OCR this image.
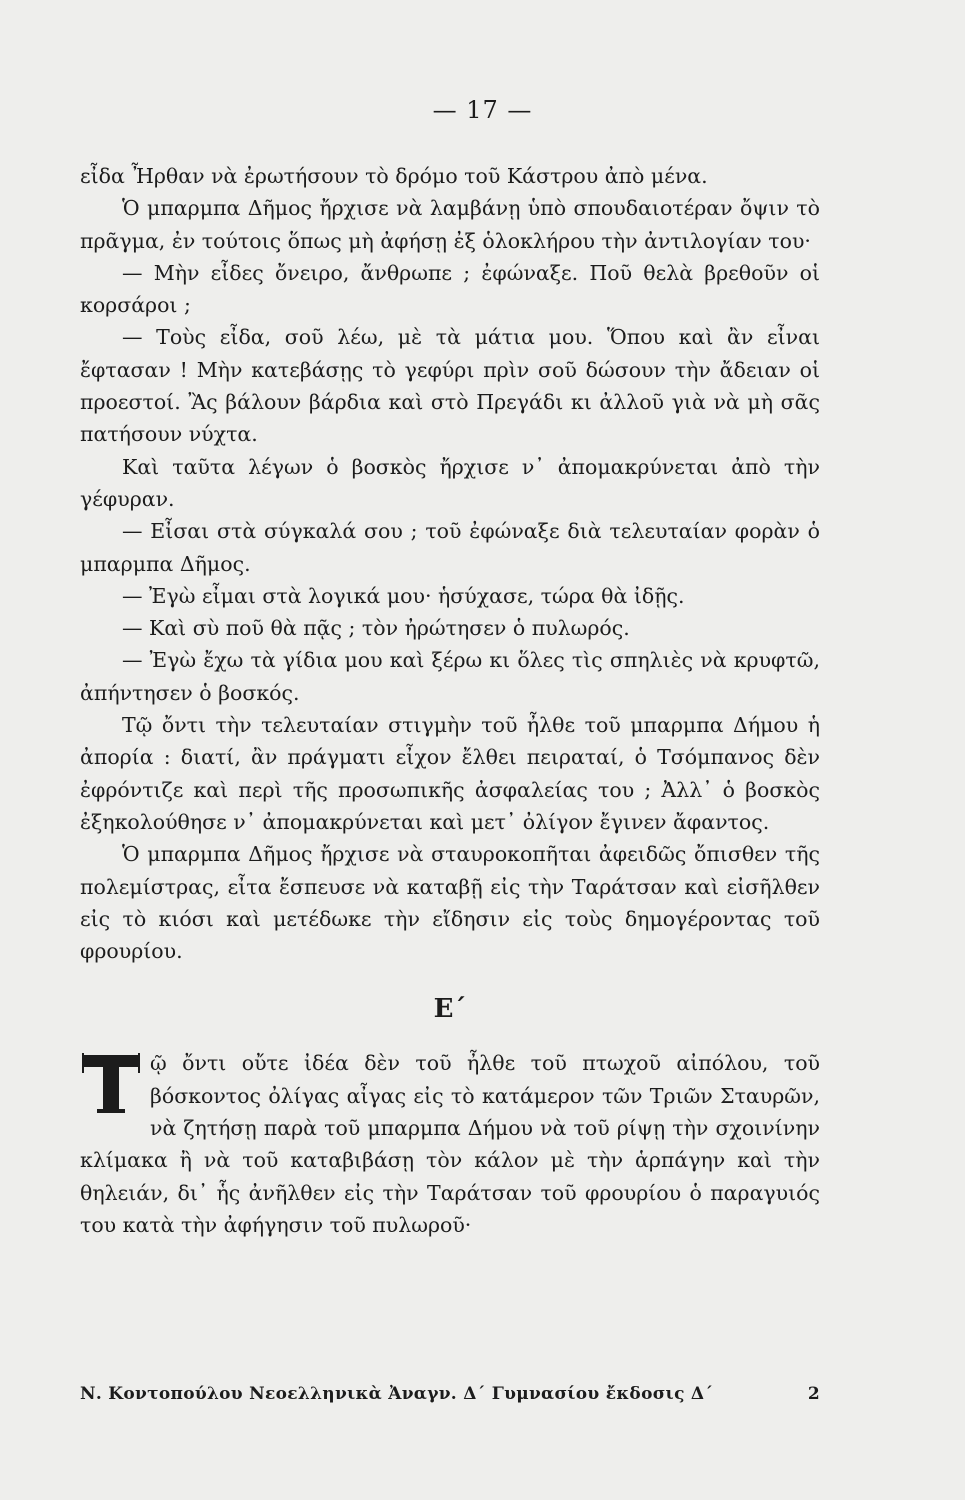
— 17 —

εἶδα Ἦρθαν νὰ ἐρωτήσουν τὸ δρόμο τοῦ Κάστρου ἀπὸ μένα.

Ὁ μπαρμπα Δῆμος ἤρχισε νὰ λαμβάνῃ ὑπὸ σπουδαιοτέραν ὄψιν τὸ πρᾶγμα, ἐν τούτοις ὅπως μὴ ἀφήσῃ ἐξ ὁλοκλήρου τὴν ἀντιλογίαν του·

— Μὴν εἶδες ὄνειρο, ἄνθρωπε ; ἐφώναξε. Ποῦ θελὰ βρεθοῦν οἱ κορσάροι ;

— Τοὺς εἶδα, σοῦ λέω, μὲ τὰ μάτια μου. Ὅπου καὶ ἂν εἶναι ἔφτασαν ! Μὴν κατεβάσῃς τὸ γεφύρι πρὶν σοῦ δώσουν τὴν ἄδειαν οἱ προεστοί. Ἂς βάλουν βάρδια καὶ στὸ Πρεγάδι κι ἀλλοῦ γιὰ νὰ μὴ σᾶς πατήσουν νύχτα.

Καὶ ταῦτα λέγων ὁ βοσκὸς ἤρχισε ν᾽ ἀπομακρύνεται ἀπὸ τὴν γέφυραν.

— Εἶσαι στὰ σύγκαλά σου ; τοῦ ἐφώναξε διὰ τελευταίαν φορὰν ὁ μπαρμπα Δῆμος.

— Ἐγὼ εἶμαι στὰ λογικά μου· ἡσύχασε, τώρα θὰ ἰδῇς.

— Καὶ σὺ ποῦ θὰ πᾷς ; τὸν ἠρώτησεν ὁ πυλωρός.

— Ἐγὼ ἔχω τὰ γίδια μου καὶ ξέρω κι ὅλες τὶς σπηλιὲς νὰ κρυφτῶ, ἀπήντησεν ὁ βοσκός.

Τῷ ὄντι τὴν τελευταίαν στιγμὴν τοῦ ἦλθε τοῦ μπαρμπα Δήμου ἡ ἀπορία : διατί, ἂν πράγματι εἶχον ἔλθει πειραταί, ὁ Τσόμπανος δὲν ἐφρόντιζε καὶ περὶ τῆς προσωπικῆς ἀσφαλείας του ; Ἀλλ᾽ ὁ βοσκὸς ἐξηκολούθησε ν᾽ ἀπομακρύνεται καὶ μετ᾽ ὀλίγον ἔγινεν ἄφαντος.

Ὁ μπαρμπα Δῆμος ἤρχισε νὰ σταυροκοπῆται ἀφειδῶς ὄπισθεν τῆς πολεμίστρας, εἶτα ἔσπευσε νὰ καταβῇ εἰς τὴν Ταράτσαν καὶ εἰσῆλθεν εἰς τὸ κιόσι καὶ μετέδωκε τὴν εἴδησιν εἰς τοὺς δημογέροντας τοῦ φρουρίου.

Ε΄

ῷ ὄντι οὔτε ἰδέα δὲν τοῦ ἦλθε τοῦ πτωχοῦ αἰπόλου, τοῦ βόσκοντος ὀλίγας αἶγας εἰς τὸ κατάμερον τῶν Τριῶν Σταυρῶν, νὰ ζητήσῃ παρὰ τοῦ μπαρμπα Δήμου νὰ τοῦ ρίψῃ τὴν σχοινίνην κλίμακα ἢ νὰ τοῦ καταβιβάσῃ τὸν κάλον μὲ τὴν ἁρπάγην καὶ τὴν θηλειάν, δι᾽ ἧς ἀνῆλθεν εἰς τὴν Ταράτσαν τοῦ φρουρίου ὁ παραγυιός του κατὰ τὴν ἀφήγησιν τοῦ πυλωροῦ·

Ν. Κοντοπούλου Νεοελληνικὰ Ἀναγν. Δ΄ Γυμνασίου ἔκδοσις Δ΄	2
